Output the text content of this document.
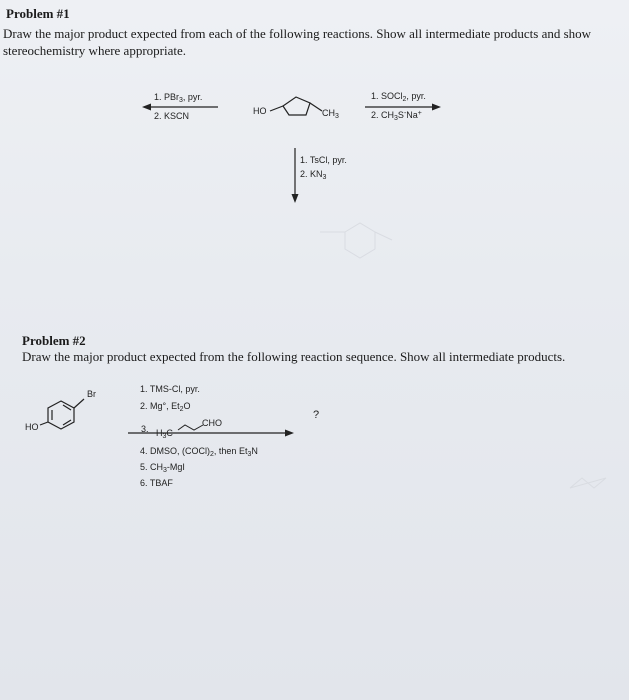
Problem #1
Draw the major product expected from each of the following reactions. Show all intermediate products and show stereochemistry where appropriate.
1. PBr$_3$, pyr.
2. KSCN	HO	$CH_3$
1. SOCl$_2$, pyr.
2. $CH_3S^-Na^+$
1. TsCl, pyr.
2. $KN_3$
Problem #2
Draw the major product expected from the following reaction sequence. Show all intermediate products.
HO
Br	1. TMS-Cl, pyr.
2. Mg°, $Et_2O$
3. $H_3C$
CHO
4. DMSO, $(COCl)_2$, then $Et_3N$
5. $CH_3$-MgI
6. TBAF
?
